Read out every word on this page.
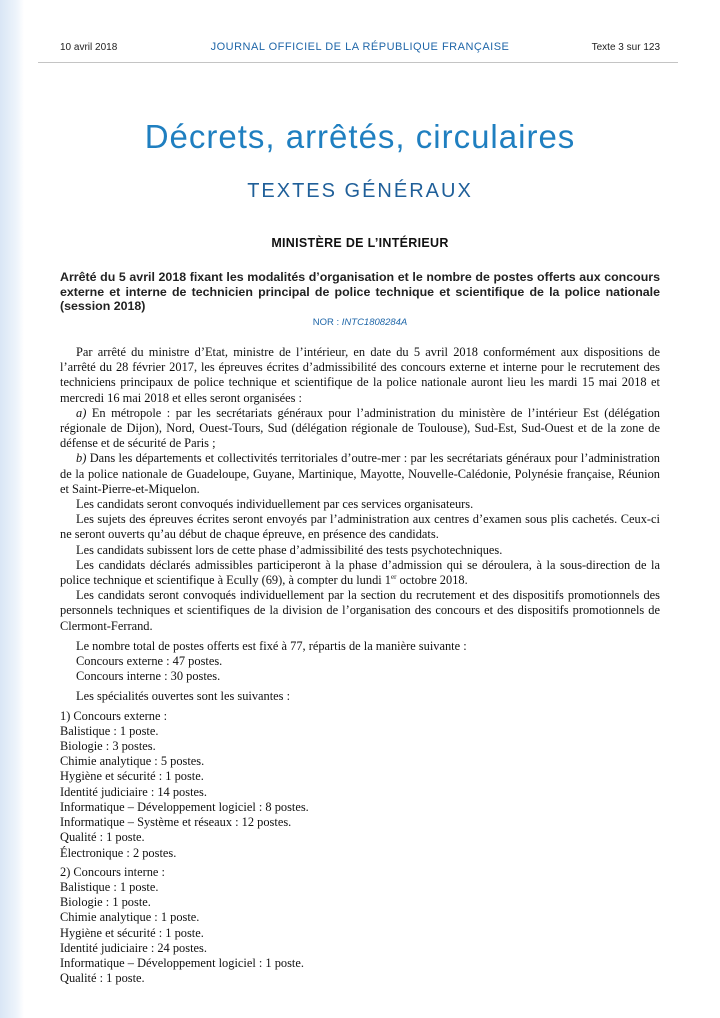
10 avril 2018	JOURNAL OFFICIEL DE LA RÉPUBLIQUE FRANÇAISE	Texte 3 sur 123
Décrets, arrêtés, circulaires
TEXTES GÉNÉRAUX
MINISTÈRE DE L’INTÉRIEUR
Arrêté du 5 avril 2018 fixant les modalités d’organisation et le nombre de postes offerts aux concours externe et interne de technicien principal de police technique et scientifique de la police nationale (session 2018)
NOR : INTC1808284A

Par arrêté du ministre d’Etat, ministre de l’intérieur, en date du 5 avril 2018 conformément aux dispositions de l’arrêté du 28 février 2017, les épreuves écrites d’admissibilité des concours externe et interne pour le recrutement des techniciens principaux de police technique et scientifique de la police nationale auront lieu les mardi 15 mai 2018 et mercredi 16 mai 2018 et elles seront organisées :

a) En métropole : par les secrétariats généraux pour l’administration du ministère de l’intérieur Est (délégation régionale de Dijon), Nord, Ouest-Tours, Sud (délégation régionale de Toulouse), Sud-Est, Sud-Ouest et de la zone de défense et de sécurité de Paris ;

b) Dans les départements et collectivités territoriales d’outre-mer : par les secrétariats généraux pour l’administration de la police nationale de Guadeloupe, Guyane, Martinique, Mayotte, Nouvelle-Calédonie, Polynésie française, Réunion et Saint-Pierre-et-Miquelon.

Les candidats seront convoqués individuellement par ces services organisateurs.

Les sujets des épreuves écrites seront envoyés par l’administration aux centres d’examen sous plis cachetés. Ceux-ci ne seront ouverts qu’au début de chaque épreuve, en présence des candidats.

Les candidats subissent lors de cette phase d’admissibilité des tests psychotechniques.

Les candidats déclarés admissibles participeront à la phase d’admission qui se déroulera, à la sous-direction de la police technique et scientifique à Ecully (69), à compter du lundi 1er octobre 2018.

Les candidats seront convoqués individuellement par la section du recrutement et des dispositifs promotionnels des personnels techniques et scientifiques de la division de l’organisation des concours et des dispositifs promotionnels de Clermont-Ferrand.

Le nombre total de postes offerts est fixé à 77, répartis de la manière suivante :

Concours externe : 47 postes.

Concours interne : 30 postes.

Les spécialités ouvertes sont les suivantes :

1) Concours externe :

Balistique : 1 poste.

Biologie : 3 postes.

Chimie analytique : 5 postes.

Hygiène et sécurité : 1 poste.

Identité judiciaire : 14 postes.

Informatique – Développement logiciel : 8 postes.

Informatique – Système et réseaux : 12 postes.

Qualité : 1 poste.

Électronique : 2 postes.

2) Concours interne :

Balistique : 1 poste.

Biologie : 1 poste.

Chimie analytique : 1 poste.

Hygiène et sécurité : 1 poste.

Identité judiciaire : 24 postes.

Informatique – Développement logiciel : 1 poste.

Qualité : 1 poste.
